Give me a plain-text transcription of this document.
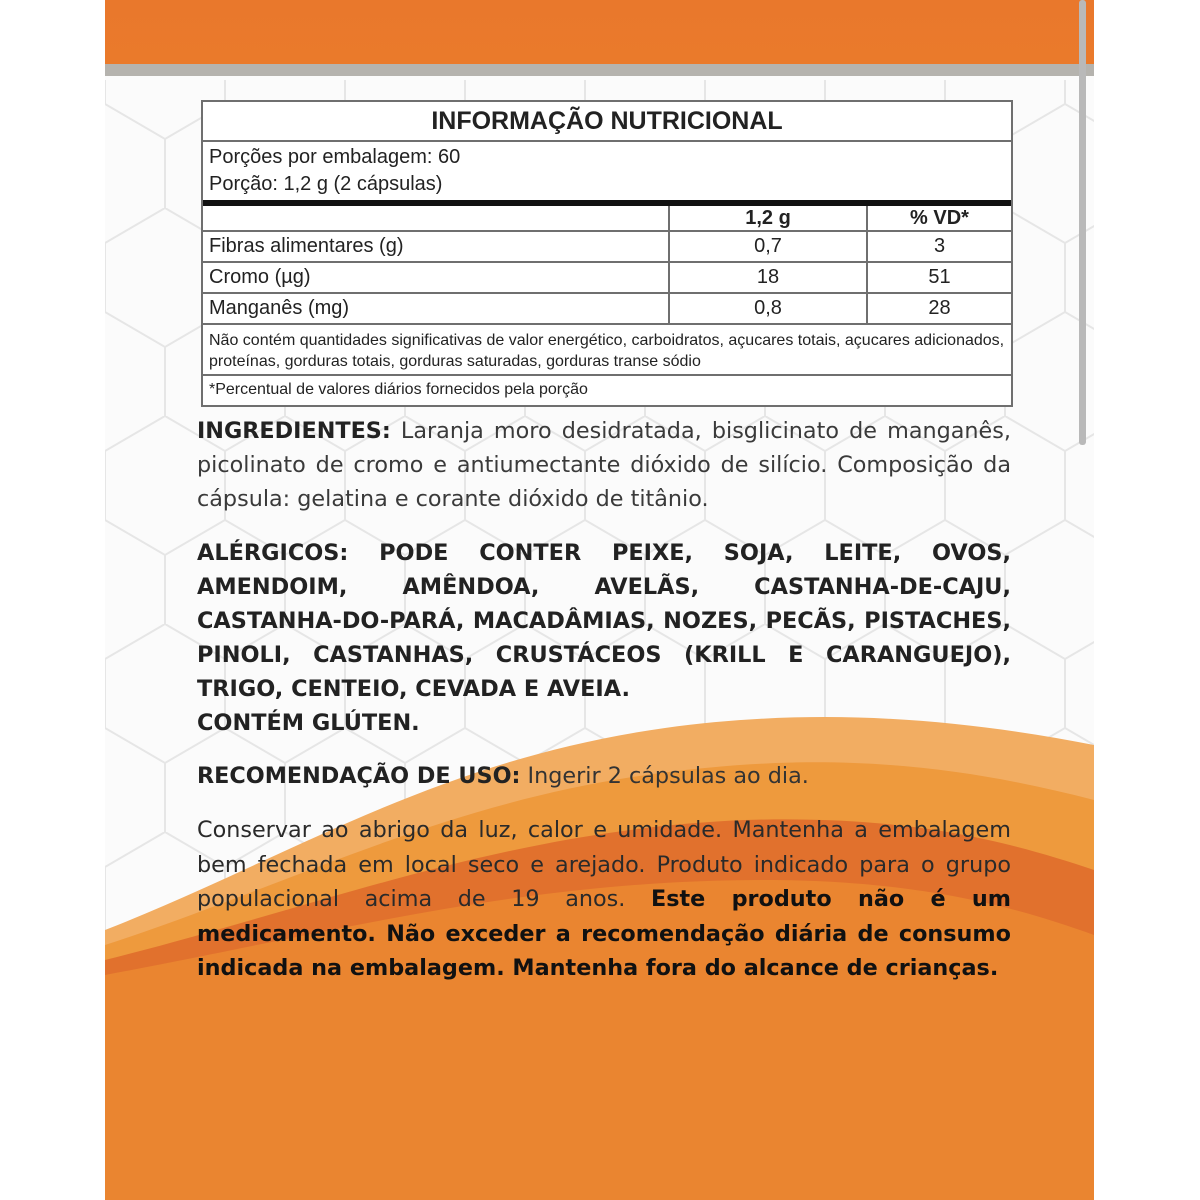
INFORMAÇÃO NUTRICIONAL
Porções por embalagem: 60
Porção: 1,2 g (2 cápsulas)
	1,2 g	% VD*
Fibras alimentares (g)	0,7	3
Cromo (µg)	18	51
Manganês (mg)	0,8	28
Não contém quantidades significativas de valor energético, carboidratos, açucares totais, açucares adicionados, proteínas, gorduras totais, gorduras saturadas, gorduras transe sódio
*Percentual de valores diários fornecidos pela porção
INGREDIENTES: Laranja moro desidratada, bisglicinato de manganês, picolinato de cromo e antiumectante dióxido de silício. Composição da cápsula: gelatina e corante dióxido de titânio.

ALÉRGICOS: PODE CONTER PEIXE, SOJA, LEITE, OVOS, AMENDOIM, AMÊNDOA, AVELÃS, CASTANHA-DE-CAJU, CASTANHA-DO-PARÁ, MACADÂMIAS, NOZES, PECÃS, PISTACHES, PINOLI, CASTANHAS, CRUSTÁCEOS (KRILL E CARANGUEJO), TRIGO, CENTEIO, CEVADA E AVEIA.

CONTÉM GLÚTEN.

RECOMENDAÇÃO DE USO: Ingerir 2 cápsulas ao dia.
Conservar ao abrigo da luz, calor e umidade. Mantenha a embalagem bem fechada em local seco e arejado. Produto indicado para o grupo populacional acima de 19 anos. Este produto não é um medicamento. Não exceder a recomendação diária de consumo indicada na embalagem. Mantenha fora do alcance de crianças.
